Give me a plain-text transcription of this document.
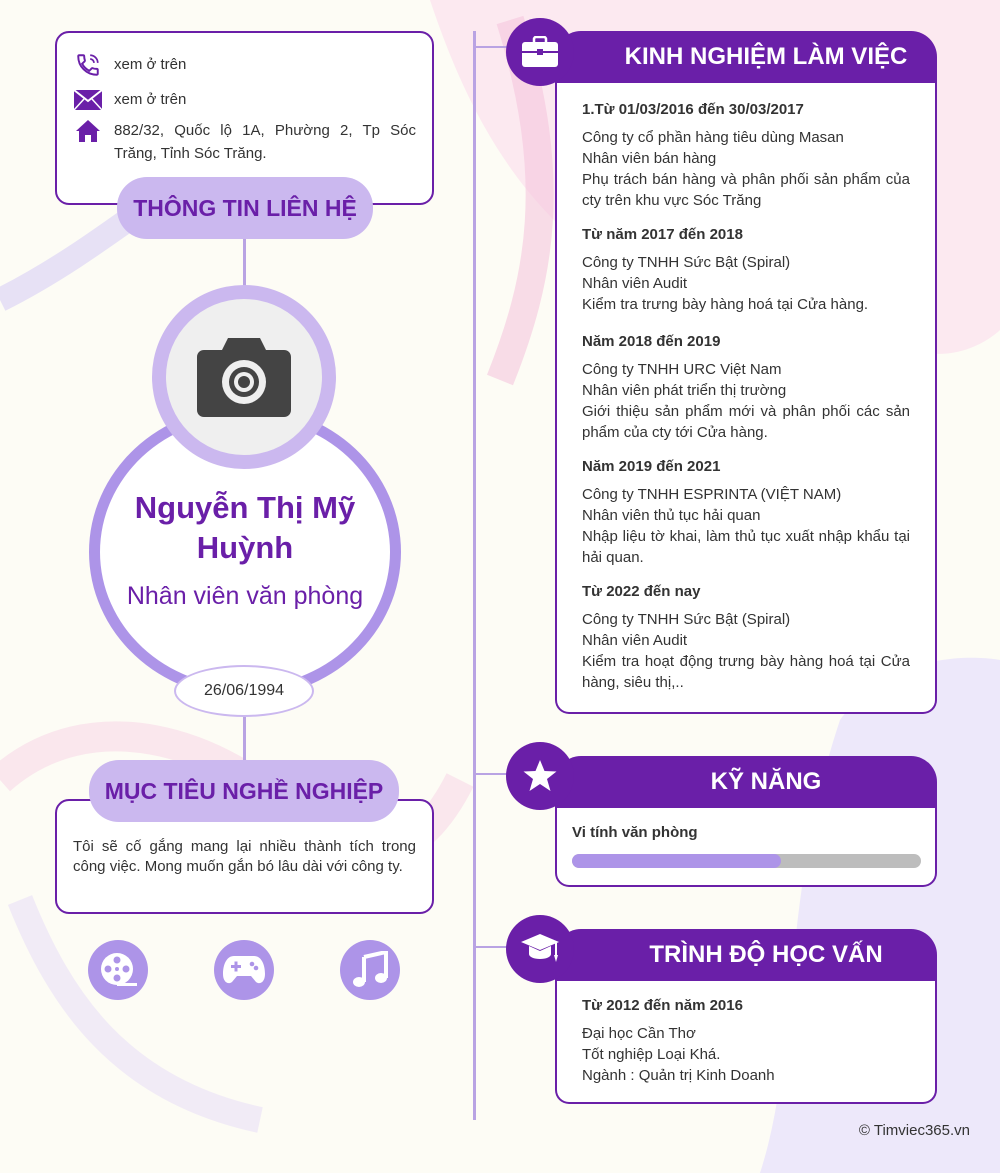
xem ở trên
xem ở trên
882/32, Quốc lộ 1A, Phường 2, Tp Sóc Trăng, Tỉnh Sóc Trăng.
THÔNG TIN LIÊN HỆ
Nguyễn Thị Mỹ Huỳnh
Nhân viên văn phòng
26/06/1994
Tôi sẽ cố gắng mang lại nhiều thành tích trong công việc. Mong muốn gắn bó lâu dài với công ty.
MỤC TIÊU NGHỀ NGHIỆP
KINH NGHIỆM LÀM VIỆC
1.Từ 01/03/2016 đến 30/03/2017
Công ty cổ phần hàng tiêu dùng Masan
Nhân viên bán hàng
Phụ trách bán hàng và phân phối sản phẩm của cty trên khu vực Sóc Trăng
Từ năm 2017 đến 2018
Công ty TNHH Sức Bật (Spiral)
Nhân viên Audit
Kiểm tra trưng bày hàng hoá tại Cửa hàng.
Năm 2018 đến 2019
Công ty TNHH URC Việt Nam
Nhân viên phát triển thị trường
Giới thiệu sản phẩm mới và phân phối các sản phẩm của cty tới Cửa hàng.
Năm 2019 đến 2021
Công ty TNHH ESPRINTA (VIỆT NAM)
Nhân viên thủ tục hải quan
Nhập liệu tờ khai, làm thủ tục xuất nhập khẩu tại hải quan.
Từ 2022 đến nay
Công ty TNHH Sức Bật (Spiral)
Nhân viên Audit
Kiểm tra hoạt động trưng bày hàng hoá tại Cửa hàng, siêu thị,..
KỸ NĂNG
Vi tính văn phòng
TRÌNH ĐỘ HỌC VẤN
Từ 2012 đến năm 2016
Đại học Cần Thơ
Tốt nghiệp Loại Khá.
Ngành : Quản trị Kinh Doanh
© Timviec365.vn
